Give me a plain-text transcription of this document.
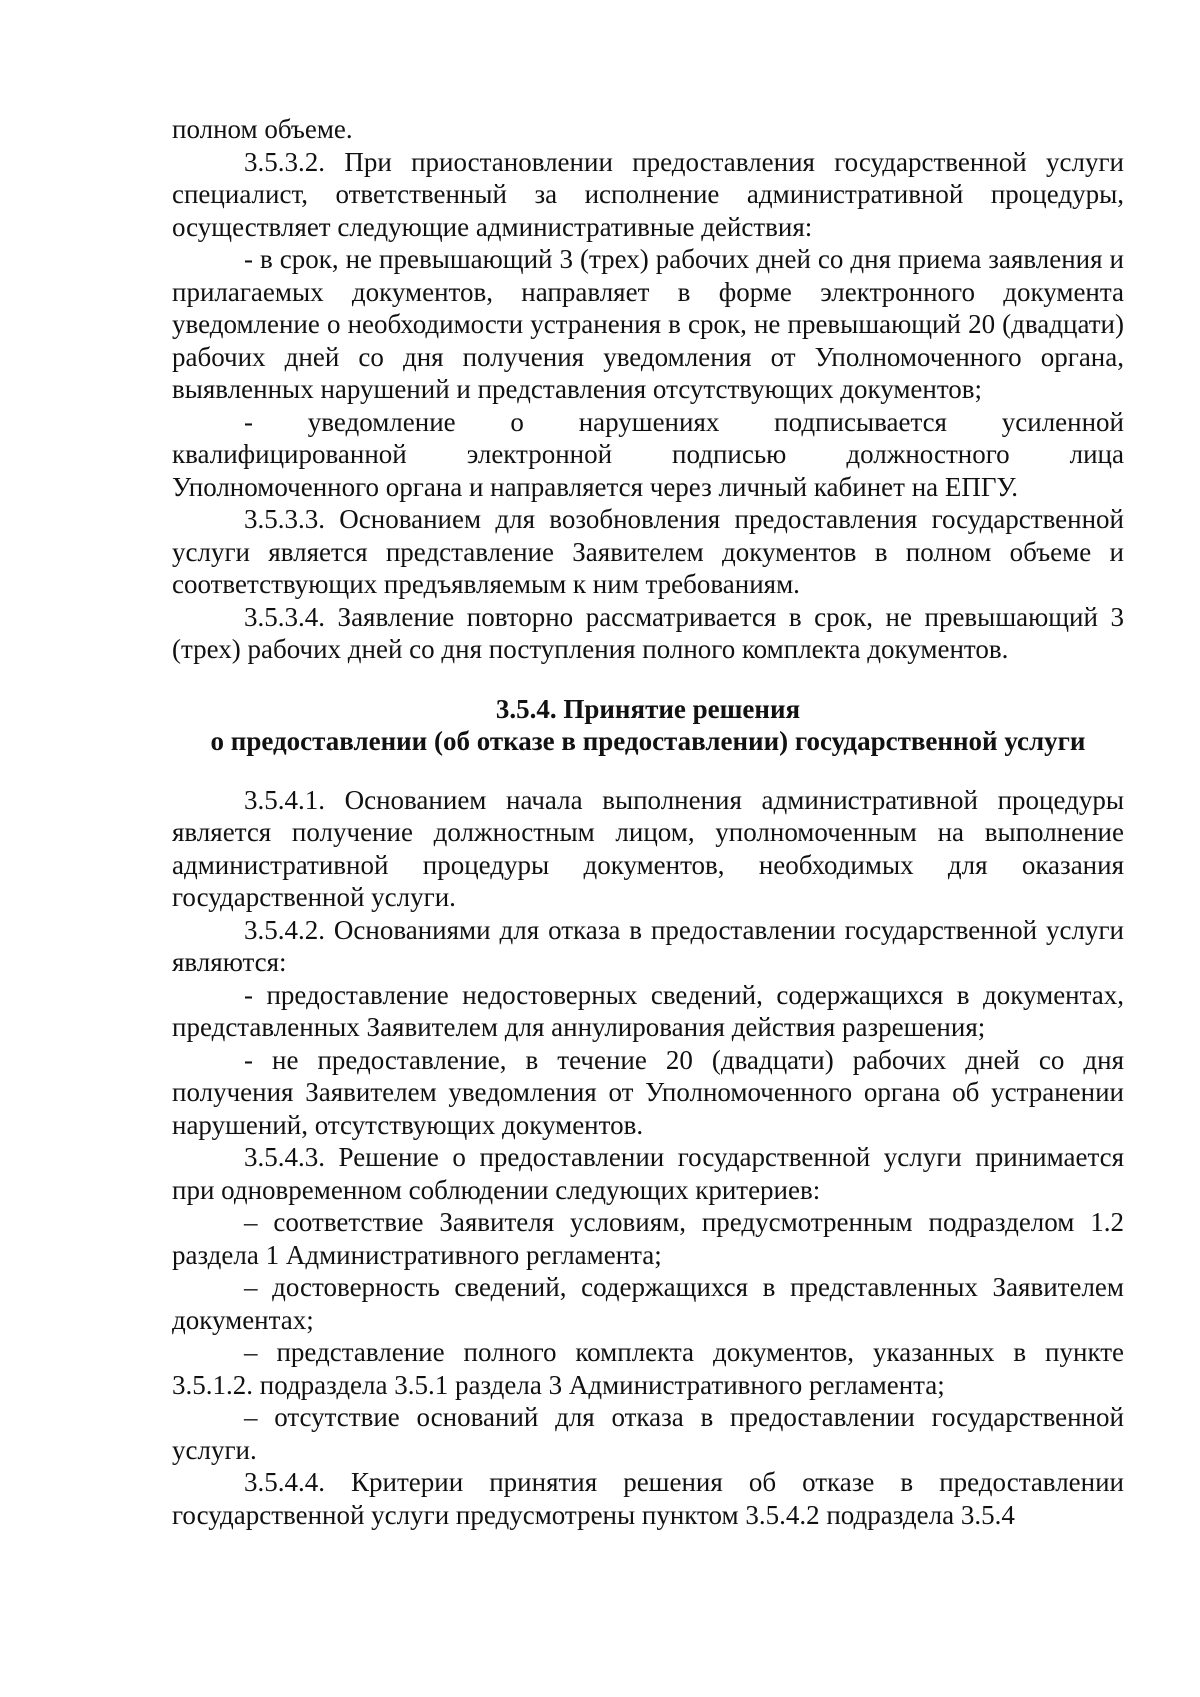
полном объеме.

3.5.3.2. При приостановлении предоставления государственной услуги специалист, ответственный за исполнение административной процедуры, осуществляет следующие административные действия:

- в срок, не превышающий 3 (трех) рабочих дней со дня приема заявления и прилагаемых документов, направляет в форме электронного документа уведомление о необходимости устранения в срок, не превышающий 20 (двадцати) рабочих дней со дня получения уведомления от Уполномоченного органа, выявленных нарушений и представления отсутствующих документов;

- уведомление о нарушениях подписывается усиленной квалифицированной электронной подписью должностного лица Уполномоченного органа и направляется через личный кабинет на ЕПГУ.

3.5.3.3. Основанием для возобновления предоставления государственной услуги является представление Заявителем документов в полном объеме и соответствующих предъявляемым к ним требованиям.

3.5.3.4. Заявление повторно рассматривается в срок, не превышающий 3 (трех) рабочих дней со дня поступления полного комплекта документов.

3.5.4. Принятие решения
о предоставлении (об отказе в предоставлении) государственной услуги

3.5.4.1. Основанием начала выполнения административной процедуры является получение должностным лицом, уполномоченным на выполнение административной процедуры документов, необходимых для оказания государственной услуги.

3.5.4.2. Основаниями для отказа в предоставлении государственной услуги являются:

- предоставление недостоверных сведений, содержащихся в документах, представленных Заявителем для аннулирования действия разрешения;

- не предоставление, в течение 20 (двадцати) рабочих дней со дня получения Заявителем уведомления от Уполномоченного органа об устранении нарушений, отсутствующих документов.

3.5.4.3. Решение о предоставлении государственной услуги принимается при одновременном соблюдении следующих критериев:

– соответствие Заявителя условиям, предусмотренным подразделом 1.2 раздела 1 Административного регламента;

– достоверность сведений, содержащихся в представленных Заявителем документах;

– представление полного комплекта документов, указанных в пункте 3.5.1.2. подраздела 3.5.1 раздела 3 Административного регламента;

– отсутствие оснований для отказа в предоставлении государственной услуги.

3.5.4.4. Критерии принятия решения об отказе в предоставлении государственной услуги предусмотрены пунктом 3.5.4.2 подраздела 3.5.4
